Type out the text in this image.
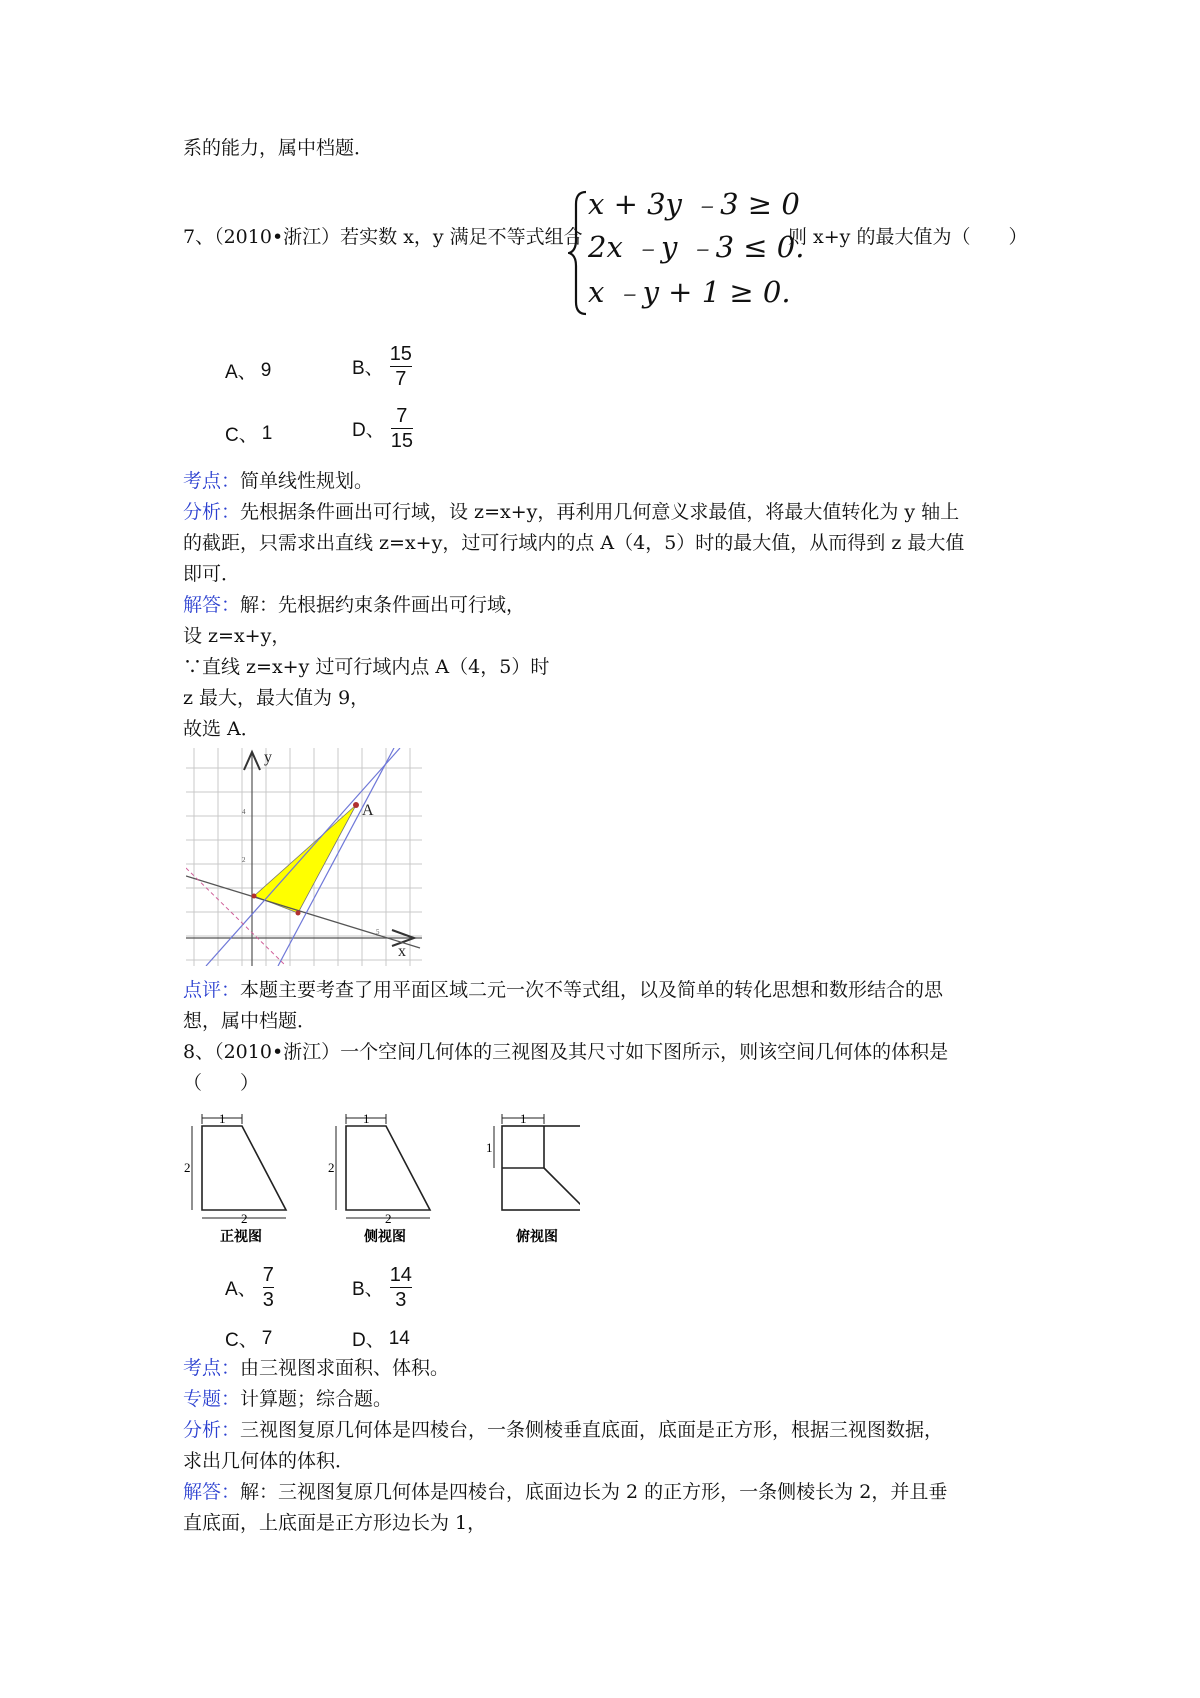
系的能力，属中档题．
7、（2010•浙江）若实数 x，y 满足不等式组合
x + 3y ﹣3 ≥ 0
2x ﹣y ﹣3 ≤ 0.
x ﹣y + 1 ≥ 0.
则 x+y 的最大值为（　　）
A、 9	B、 $\frac{15}{7}$
C、 1	D、 $\frac{7}{15}$
考点：简单线性规划。
分析：先根据条件画出可行域，设 z=x+y，再利用几何意义求最值，将最大值转化为 y 轴上
的截距，只需求出直线 z=x+y，过可行域内的点 A（4，5）时的最大值，从而得到 z 最大值
即可．
解答：解：先根据约束条件画出可行域，
设 z=x+y，
∵直线 z=x+y 过可行域内点 A（4，5）时
z 最大，最大值为 9，
故选 A．
A
y
x
2
4
5
点评：本题主要考查了用平面区域二元一次不等式组，以及简单的转化思想和数形结合的思
想，属中档题．
8、（2010•浙江）一个空间几何体的三视图及其尺寸如下图所示，则该空间几何体的体积是
（　　）
1
2
2
正视图
1
2
2
侧视图
1
1
俯视图
A、 $\frac{7}{3}$	B、 $\frac{14}{3}$
C、 7	D、 14
考点：由三视图求面积、体积。
专题：计算题；综合题。
分析：三视图复原几何体是四棱台，一条侧棱垂直底面，底面是正方形，根据三视图数据，
求出几何体的体积．
解答：解：三视图复原几何体是四棱台，底面边长为 2 的正方形，一条侧棱长为 2，并且垂
直底面，上底面是正方形边长为 1，
